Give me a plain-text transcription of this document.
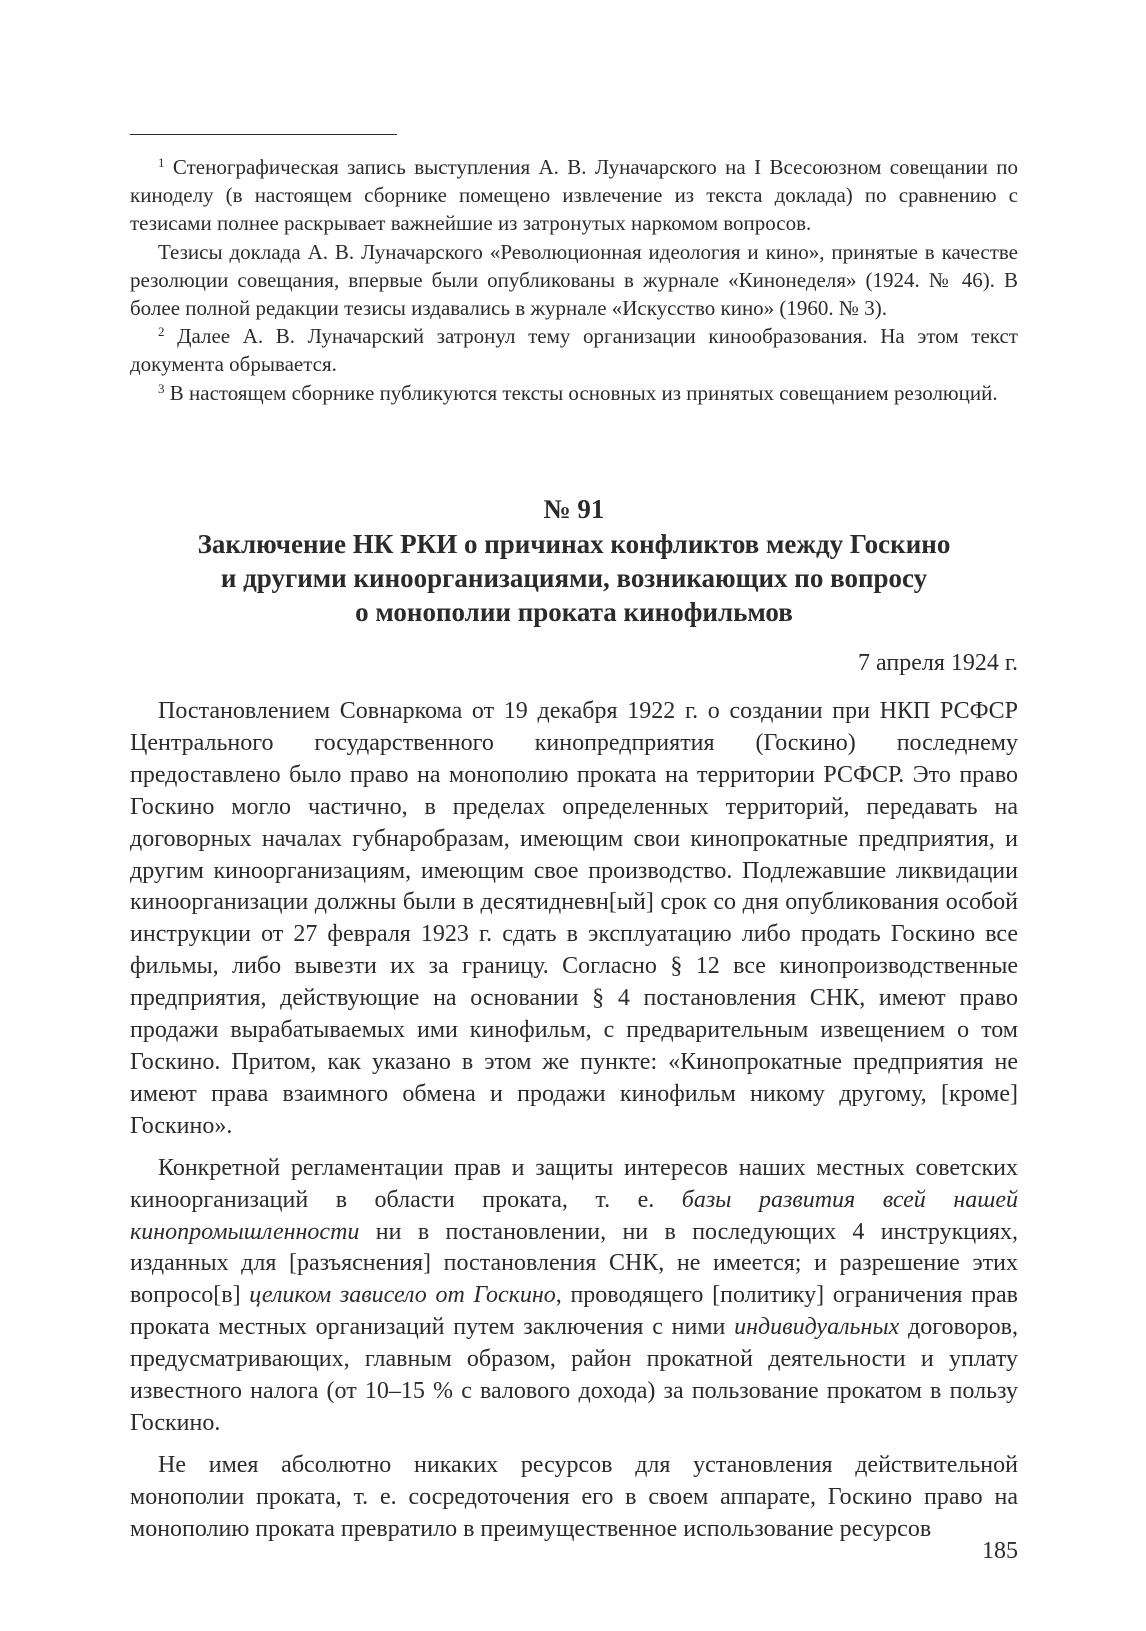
$^1$ Стенографическая запись выступления А. В. Луначарского на I Всесоюзном совещании по киноделу (в настоящем сборнике помещено извлечение из текста доклада) по сравнению с тезисами полнее раскрывает важнейшие из затронутых наркомом вопросов.

Тезисы доклада А. В. Луначарского «Революционная идеология и кино», принятые в качестве резолюции совещания, впервые были опубликованы в журнале «Кинонеделя» (1924. № 46). В более полной редакции тезисы издавались в журнале «Искусство кино» (1960. № 3).

$^2$ Далее А. В. Луначарский затронул тему организации кинообразования. На этом текст документа обрывается.

$^3$ В настоящем сборнике публикуются тексты основных из принятых совещанием резолюций.

№ 91
Заключение НК РКИ о причинах конфликтов между Госкино
и другими киноорганизациями, возникающих по вопросу
о монополии проката кинофильмов
7 апреля 1924 г.

Постановлением Совнаркома от 19 декабря 1922 г. о создании при НКП РСФСР Центрального государственного кинопредприятия (Госкино) последнему предоставлено было право на монополию проката на территории РСФСР. Это право Госкино могло частично, в пределах определенных территорий, передавать на договорных началах губнаробразам, имеющим свои кинопрокатные предприятия, и другим киноорганизациям, имеющим свое производство. Подлежавшие ликвидации киноорганизации должны были в десятидневн[ый] срок со дня опубликования особой инструкции от 27 февраля 1923 г. сдать в эксплуатацию либо продать Госкино все фильмы, либо вывезти их за границу. Согласно § 12 все кинопроизводственные предприятия, действующие на основании § 4 постановления СНК, имеют право продажи вырабатываемых ими кинофильм, с предварительным извещением о том Госкино. Притом, как указано в этом же пункте: «Кинопрокатные предприятия не имеют права взаимного обмена и продажи кинофильм никому другому, [кроме] Госкино».

Конкретной регламентации прав и защиты интересов наших местных советских киноорганизаций в области проката, т. е. базы развития всей нашей кинопромышленности ни в постановлении, ни в последующих 4 инструкциях, изданных для [разъяснения] постановления СНК, не имеется; и разрешение этих вопросо[в] целиком зависело от Госкино, проводящего [политику] ограничения прав проката местных организаций путем заключения с ними индивидуальных договоров, предусматривающих, главным образом, район прокатной деятельности и уплату известного налога (от 10–15 % с валового дохода) за пользование прокатом в пользу Госкино.

Не имея абсолютно никаких ресурсов для установления действительной монополии проката, т. е. сосредоточения его в своем аппарате, Госкино право на монополию проката превратило в преимущественное использование ресурсов

185
